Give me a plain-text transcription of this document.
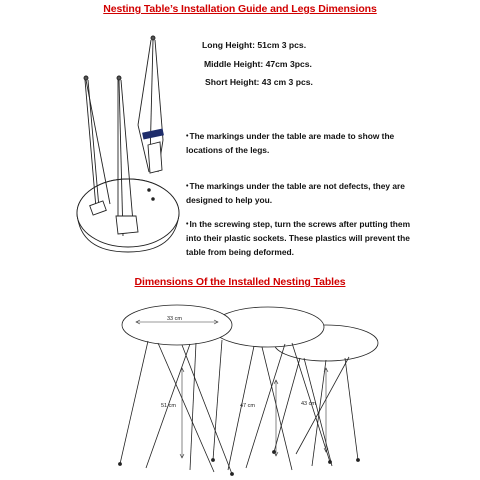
Nesting Table’s Installation Guide and Legs Dimensions
Long Height: 51cm 3 pcs.
Middle Height: 47cm 3pcs.
Short Height: 43 cm 3 pcs.
•The markings under the table are made to show the locations of the legs.
•The markings under the table are not defects, they are designed to help you.
•In the screwing step, turn the screws after putting them into their plastic sockets. These plastics will prevent the table from being deformed.
Dimensions Of the Installed Nesting Tables
33 cm
51 cm	47 cm	43 cm
